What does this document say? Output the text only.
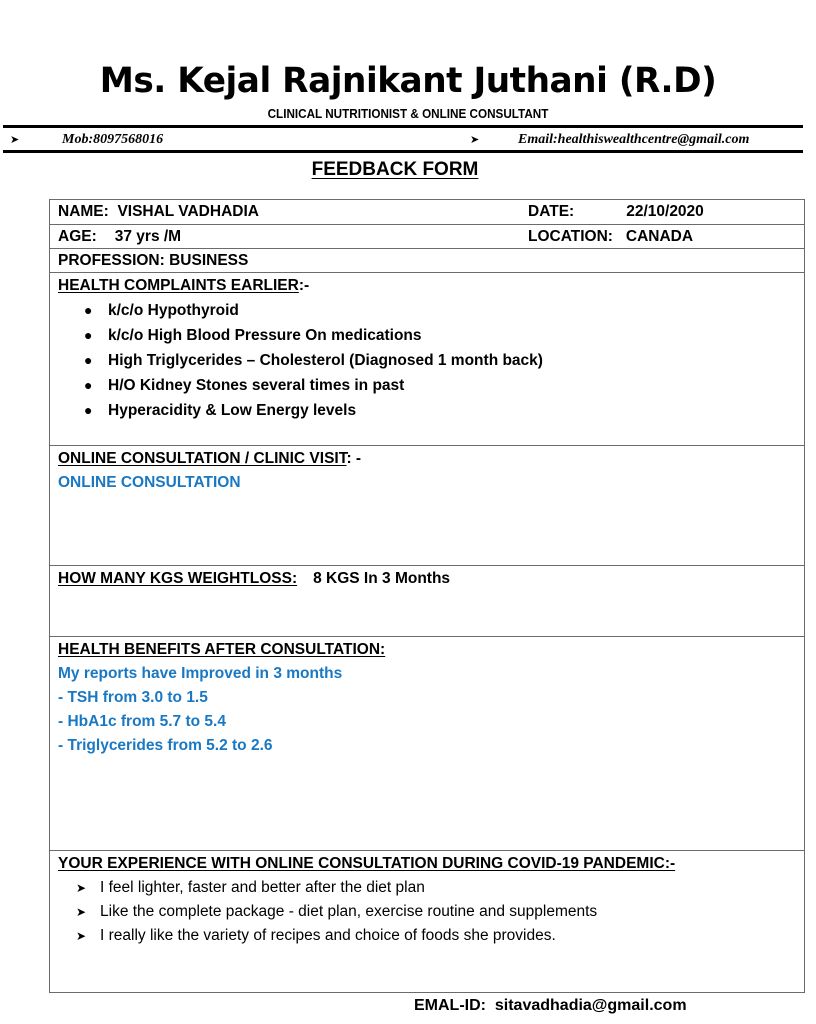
Ms. Kejal Rajnikant Juthani (R.D)
CLINICAL NUTRITIONIST & ONLINE CONSULTANT
➤	Mob:8097568016	➤	Email:healthiswealthcentre@gmail.com
FEEDBACK FORM
NAME: VISHAL VADHADIA	DATE:	22/10/2020
AGE: 37 yrs /M	LOCATION: CANADA
PROFESSION: BUSINESS
HEALTH COMPLAINTS EARLIER:-
● k/c/o Hypothyroid
● k/c/o High Blood Pressure On medications
● High Triglycerides – Cholesterol (Diagnosed 1 month back)
● H/O Kidney Stones several times in past
● Hyperacidity & Low Energy levels
ONLINE CONSULTATION / CLINIC VISIT: -
ONLINE CONSULTATION
HOW MANY KGS WEIGHTLOSS: 8 KGS In 3 Months
HEALTH BENEFITS AFTER CONSULTATION:
My reports have Improved in 3 months
- TSH from 3.0 to 1.5
- HbA1c from 5.7 to 5.4
- Triglycerides from 5.2 to 2.6
YOUR EXPERIENCE WITH ONLINE CONSULTATION DURING COVID-19 PANDEMIC:-
➤ I feel lighter, faster and better after the diet plan
➤ Like the complete package - diet plan, exercise routine and supplements
➤ I really like the variety of recipes and choice of foods she provides.
EMAL-ID:  sitavadhadia@gmail.com
